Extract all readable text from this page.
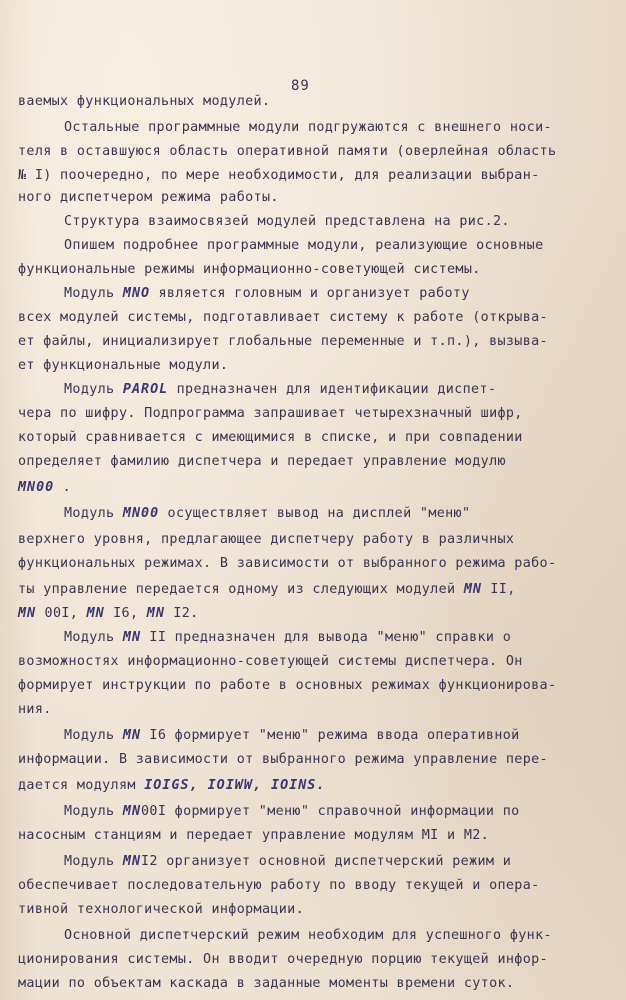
89
ваемых функциональных модулей.
Остальные программные модули подгружаются с внешнего носи-
теля в оставшуюся область оперативной памяти (оверлейная область
№ I) поочередно, по мере необходимости, для реализации выбран-
ного диспетчером режима работы.
Структура взаимосвязей модулей представлена на рис.2.
Опишем подробнее программные модули, реализующие основные
функциональные режимы информационно-советующей системы.
Модуль MNO является головным и организует работу
всех модулей системы, подготавливает систему к работе (открыва-
ет файлы, инициализирует глобальные переменные и т.п.), вызыва-
ет функциональные модули.
Модуль PAROL предназначен для идентификации диспет-
чера по шифру. Подпрограмма запрашивает четырехзначный шифр,
который сравнивается с имеющимися в списке, и при совпадении
определяет фамилию диспетчера и передает управление модулю
MN00 .
Модуль MN00 осуществляет вывод на дисплей "меню"
верхнего уровня, предлагающее диспетчеру работу в различных
функциональных режимах. В зависимости от выбранного режима рабо-
ты управление передается одному из следующих модулей MN II,
MN 00I, MN I6, MN I2.
Модуль MN II предназначен для вывода "меню" справки о
возможностях информационно-советующей системы диспетчера. Он
формирует инструкции по работе в основных режимах функционирова-
ния.
Модуль MN I6 формирует "меню" режима ввода оперативной
информации. В зависимости от выбранного режима управление пере-
дается модулям IOIGS, IOIWW, IOINS.
Модуль MN00I формирует "меню" справочной информации по
насосным станциям и передает управление модулям MI и M2.
Модуль MNI2 организует основной диспетчерский режим и
обеспечивает последовательную работу по вводу текущей и опера-
тивной технологической информации.
Основной диспетчерский режим необходим для успешного функ-
ционирования системы. Он вводит очередную порцию текущей инфор-
мации по объектам каскада в заданные моменты времени суток.
